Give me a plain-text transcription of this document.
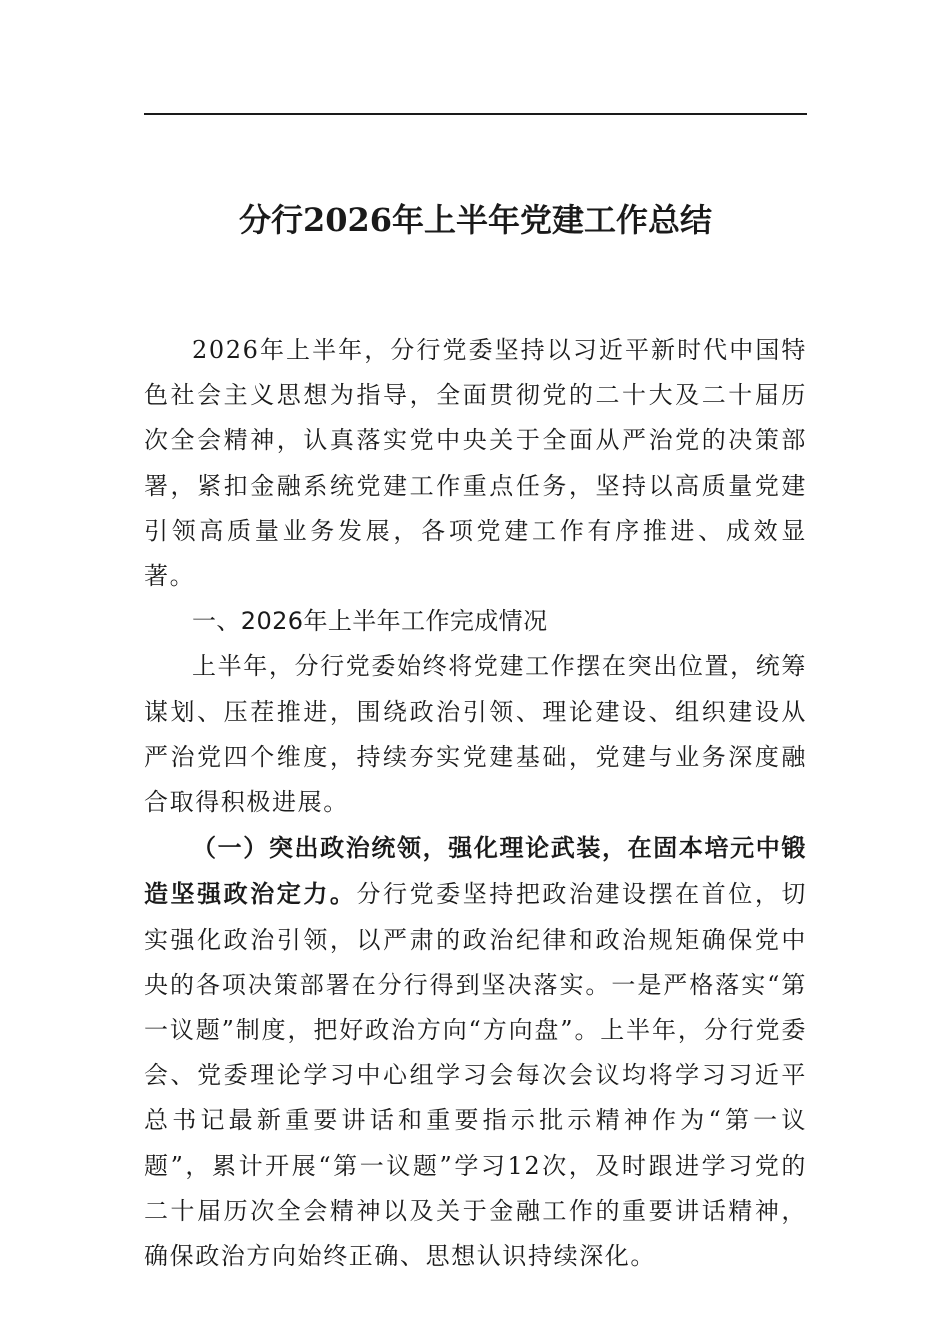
分行2026年上半年党建工作总结

2026年上半年，分行党委坚持以习近平新时代中国特色社会主义思想为指导，全面贯彻党的二十大及二十届历次全会精神，认真落实党中央关于全面从严治党的决策部署，紧扣金融系统党建工作重点任务，坚持以高质量党建引领高质量业务发展，各项党建工作有序推进、成效显著。

一、2026年上半年工作完成情况

上半年，分行党委始终将党建工作摆在突出位置，统筹谋划、压茬推进，围绕政治引领、理论建设、组织建设从严治党四个维度，持续夯实党建基础，党建与业务深度融合取得积极进展。

（一）突出政治统领，强化理论武装，在固本培元中锻造坚强政治定力。分行党委坚持把政治建设摆在首位，切实强化政治引领，以严肃的政治纪律和政治规矩确保党中央的各项决策部署在分行得到坚决落实。一是严格落实“第一议题”制度，把好政治方向“方向盘”。上半年，分行党委会、党委理论学习中心组学习会每次会议均将学习习近平总书记最新重要讲话和重要指示批示精神作为“第一议题”，累计开展“第一议题”学习12次，及时跟进学习党的二十届历次全会精神以及关于金融工作的重要讲话精神，确保政治方向始终正确、思想认识持续深化。
